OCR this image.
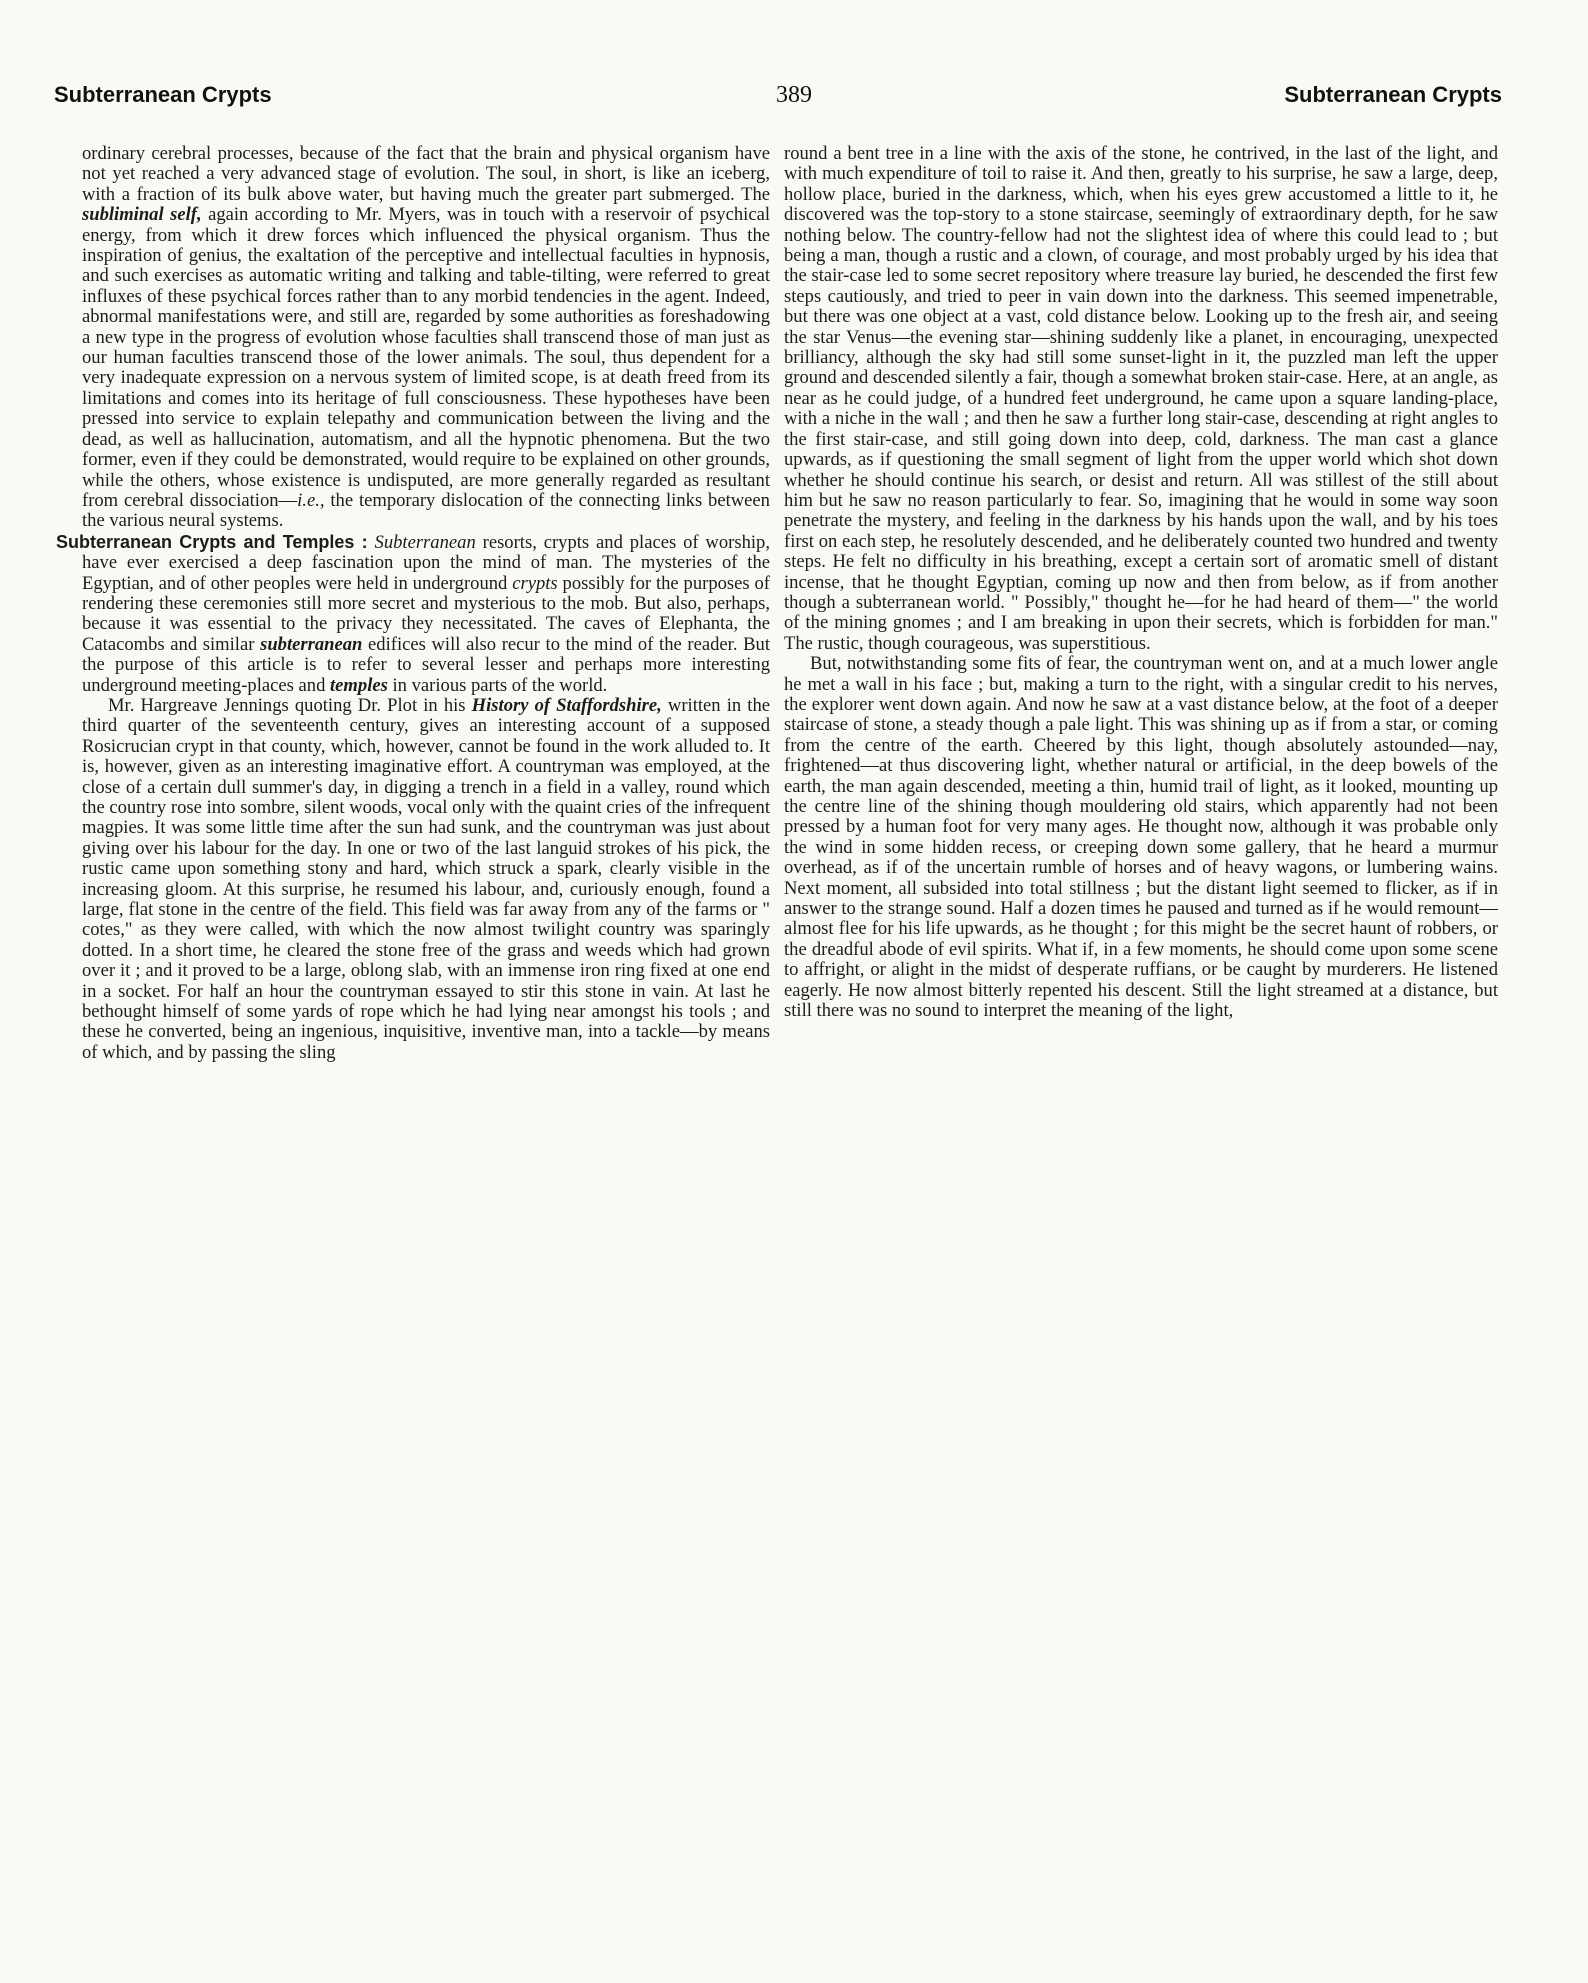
Subterranean Crypts	389	Subterranean Crypts

ordinary cerebral processes, because of the fact that the brain and physical organism have not yet reached a very advanced stage of evolution. The soul, in short, is like an iceberg, with a fraction of its bulk above water, but having much the greater part submerged. The subliminal self, again according to Mr. Myers, was in touch with a reservoir of psychical energy, from which it drew forces which influenced the physical organism. Thus the inspiration of genius, the exaltation of the perceptive and intellectual faculties in hypnosis, and such exercises as automatic writing and talking and table-tilting, were referred to great influxes of these psychical forces rather than to any morbid tendencies in the agent. Indeed, abnormal manifestations were, and still are, regarded by some authorities as foreshadowing a new type in the progress of evolution whose faculties shall transcend those of man just as our human faculties transcend those of the lower animals. The soul, thus dependent for a very inadequate expression on a nervous system of limited scope, is at death freed from its limitations and comes into its heritage of full consciousness. These hypotheses have been pressed into service to explain telepathy and communication between the living and the dead, as well as hallucination, automatism, and all the hypnotic phenomena. But the two former, even if they could be demonstrated, would require to be explained on other grounds, while the others, whose existence is undisputed, are more generally regarded as resultant from cerebral dissociation—i.e., the temporary dislocation of the connecting links between the various neural systems.

Subterranean Crypts and Temples : Subterranean resorts, crypts and places of worship, have ever exercised a deep fascination upon the mind of man. The mysteries of the Egyptian, and of other peoples were held in underground crypts possibly for the purposes of rendering these ceremonies still more secret and mysterious to the mob. But also, perhaps, because it was essential to the privacy they necessitated. The caves of Elephanta, the Catacombs and similar subterranean edifices will also recur to the mind of the reader. But the purpose of this article is to refer to several lesser and perhaps more interesting underground meeting-places and temples in various parts of the world.

Mr. Hargreave Jennings quoting Dr. Plot in his History of Staffordshire, written in the third quarter of the seventeenth century, gives an interesting account of a supposed Rosicrucian crypt in that county, which, however, cannot be found in the work alluded to. It is, however, given as an interesting imaginative effort. A countryman was employed, at the close of a certain dull summer's day, in digging a trench in a field in a valley, round which the country rose into sombre, silent woods, vocal only with the quaint cries of the infrequent magpies. It was some little time after the sun had sunk, and the countryman was just about giving over his labour for the day. In one or two of the last languid strokes of his pick, the rustic came upon something stony and hard, which struck a spark, clearly visible in the increasing gloom. At this surprise, he resumed his labour, and, curiously enough, found a large, flat stone in the centre of the field. This field was far away from any of the farms or " cotes," as they were called, with which the now almost twilight country was sparingly dotted. In a short time, he cleared the stone free of the grass and weeds which had grown over it ; and it proved to be a large, oblong slab, with an immense iron ring fixed at one end in a socket. For half an hour the countryman essayed to stir this stone in vain. At last he bethought himself of some yards of rope which he had lying near amongst his tools ; and these he converted, being an ingenious, inquisitive, inventive man, into a tackle—by means of which, and by passing the sling

round a bent tree in a line with the axis of the stone, he contrived, in the last of the light, and with much expenditure of toil to raise it. And then, greatly to his surprise, he saw a large, deep, hollow place, buried in the darkness, which, when his eyes grew accustomed a little to it, he discovered was the top-story to a stone staircase, seemingly of extraordinary depth, for he saw nothing below. The country-fellow had not the slightest idea of where this could lead to ; but being a man, though a rustic and a clown, of courage, and most probably urged by his idea that the stair-case led to some secret repository where treasure lay buried, he descended the first few steps cautiously, and tried to peer in vain down into the darkness. This seemed impenetrable, but there was one object at a vast, cold distance below. Looking up to the fresh air, and seeing the star Venus—the evening star—shining suddenly like a planet, in encouraging, unexpected brilliancy, although the sky had still some sunset-light in it, the puzzled man left the upper ground and descended silently a fair, though a somewhat broken stair-case. Here, at an angle, as near as he could judge, of a hundred feet underground, he came upon a square landing-place, with a niche in the wall ; and then he saw a further long stair-case, descending at right angles to the first stair-case, and still going down into deep, cold, darkness. The man cast a glance upwards, as if questioning the small segment of light from the upper world which shot down whether he should continue his search, or desist and return. All was stillest of the still about him but he saw no reason particularly to fear. So, imagining that he would in some way soon penetrate the mystery, and feeling in the darkness by his hands upon the wall, and by his toes first on each step, he resolutely descended, and he deliberately counted two hundred and twenty steps. He felt no difficulty in his breathing, except a certain sort of aromatic smell of distant incense, that he thought Egyptian, coming up now and then from below, as if from another though a subterranean world. " Possibly," thought he—for he had heard of them—" the world of the mining gnomes ; and I am breaking in upon their secrets, which is forbidden for man." The rustic, though courageous, was superstitious.

But, notwithstanding some fits of fear, the countryman went on, and at a much lower angle he met a wall in his face ; but, making a turn to the right, with a singular credit to his nerves, the explorer went down again. And now he saw at a vast distance below, at the foot of a deeper staircase of stone, a steady though a pale light. This was shining up as if from a star, or coming from the centre of the earth. Cheered by this light, though absolutely astounded—nay, frightened—at thus discovering light, whether natural or artificial, in the deep bowels of the earth, the man again descended, meeting a thin, humid trail of light, as it looked, mounting up the centre line of the shining though mouldering old stairs, which apparently had not been pressed by a human foot for very many ages. He thought now, although it was probable only the wind in some hidden recess, or creeping down some gallery, that he heard a murmur overhead, as if of the uncertain rumble of horses and of heavy wagons, or lumbering wains. Next moment, all subsided into total stillness ; but the distant light seemed to flicker, as if in answer to the strange sound. Half a dozen times he paused and turned as if he would remount—almost flee for his life upwards, as he thought ; for this might be the secret haunt of robbers, or the dreadful abode of evil spirits. What if, in a few moments, he should come upon some scene to affright, or alight in the midst of desperate ruffians, or be caught by murderers. He listened eagerly. He now almost bitterly repented his descent. Still the light streamed at a distance, but still there was no sound to interpret the meaning of the light,
